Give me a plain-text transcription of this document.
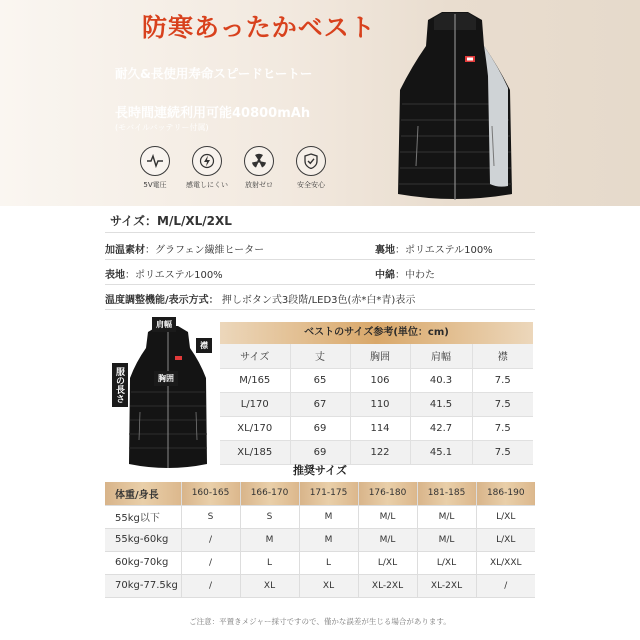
防寒あったかベスト
耐久&長使用寿命スピードヒートー
長時間連続利用可能40800mAh
(モバイルバッテリー付属)
5V電圧	感電しにくい	放射ゼロ	安全安心
サイズ：M/L/XL/2XL
加温素材：グラフェン繊維ヒーター	裏地：ポリエステル100%
表地：ポリエステル100%	中綿：中わた
温度調整機能/表示方式： 押しボタン式3段階/LED3色(赤*白*青)表示
肩幅
襟
胸囲
服の長さ
ベストのサイズ参考(単位：cm)
サイズ	丈	胸囲	肩幅	襟
M/165	65	106	40.3	7.5
L/170	67	110	41.5	7.5
XL/170	69	114	42.7	7.5
XL/185	69	122	45.1	7.5
推奨サイズ
体重/身長	160-165	166-170	171-175	176-180	181-185	186-190
55kg以下	S	S	M	M/L	M/L	L/XL
55kg-60kg	/	M	M	M/L	M/L	L/XL
60kg-70kg	/	L	L	L/XL	L/XL	XL/XXL
70kg-77.5kg	/	XL	XL	XL-2XL	XL-2XL	/
ご注意：平置きメジャー採寸ですので、僅かな誤差が生じる場合があります。
